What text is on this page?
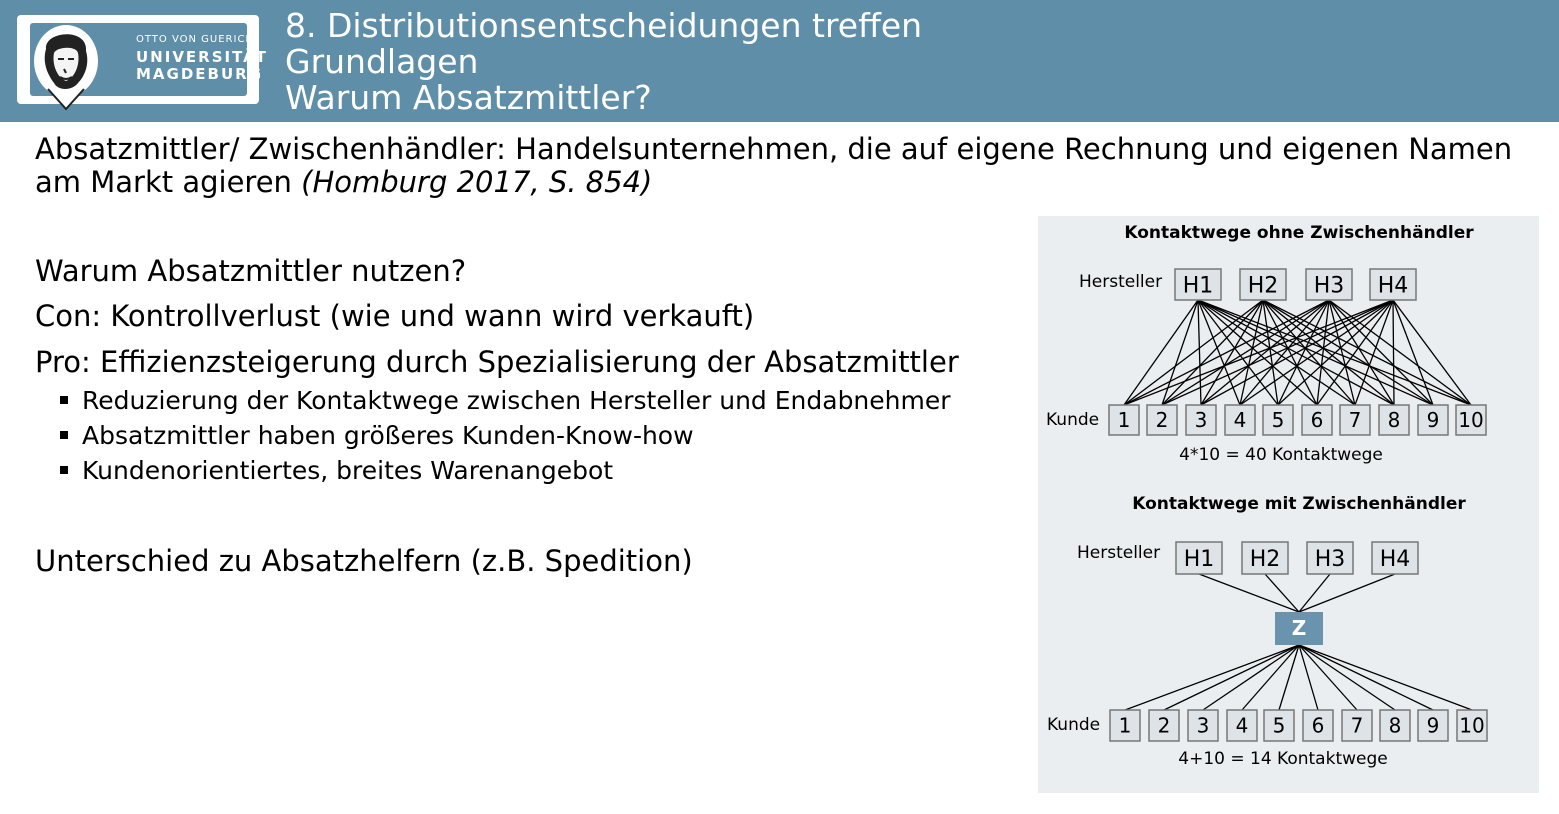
OTTO VON GUERICKE
UNIVERSITÄT
MAGDEBURG
8. Distributionsentscheidungen treffen
Grundlagen
Warum Absatzmittler?
Absatzmittler/ Zwischenhändler: Handelsunternehmen, die auf eigene Rechnung und eigenen Namen am Markt agieren (Homburg 2017, S. 854)
Warum Absatzmittler nutzen?
Con: Kontrollverlust (wie und wann wird verkauft)
Pro: Effizienzsteigerung durch Spezialisierung der Absatzmittler
Reduzierung der Kontaktwege zwischen Hersteller und Endabnehmer
Absatzmittler haben größeres Kunden-Know-how
Kundenorientiertes, breites Warenangebot
Unterschied zu Absatzhelfern (z.B. Spedition)
Kontaktwege ohne Zwischenhändler
Hersteller
Kunde
H1 H2 H3 H4
1 2 3 4 5 6 7 8 9 10
4*10 = 40 Kontaktwege
Kontaktwege mit Zwischenhändler
Hersteller
Kunde
H1 H2 H3 H4
Z
1 2 3 4 5 6 7 8 9 10
4+10 = 14 Kontaktwege
